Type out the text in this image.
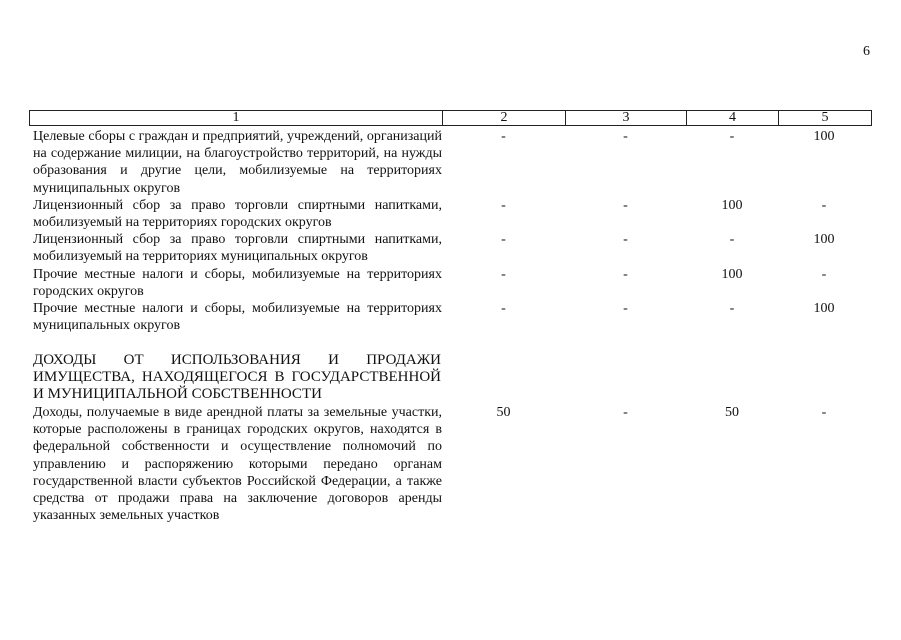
6
1	2	3	4	5
Целевые сборы с граждан и предприятий, учреждений, организаций на содержание милиции, на благоустройство территорий, на нужды образования и другие цели, мобилизуемые на территориях муниципальных округов
-	-	-	100
Лицензионный сбор за право торговли спиртными напитками, мобилизуемый на территориях городских округов
-	-	100	-
Лицензионный сбор за право торговли спиртными напитками, мобилизуемый на территориях муниципальных округов
-	-	-	100
Прочие местные налоги и сборы, мобилизуемые на территориях городских округов
-	-	100	-
Прочие местные налоги и сборы, мобилизуемые на территориях муниципальных округов
-	-	-	100
ДОХОДЫ ОТ ИСПОЛЬЗОВАНИЯ И ПРОДАЖИ ИМУЩЕСТВА, НАХОДЯЩЕГОСЯ В ГОСУДАРСТВЕННОЙ И МУНИЦИПАЛЬНОЙ СОБСТВЕННОСТИ
Доходы, получаемые в виде арендной платы за земельные участки, которые расположены в границах городских округов, находятся в федеральной собственности и осуществление полномочий по управлению и распоряжению которыми передано органам государственной власти субъектов Российской Федерации, а также средства от продажи права на заключение договоров аренды указанных земельных участков
50	-	50	-
